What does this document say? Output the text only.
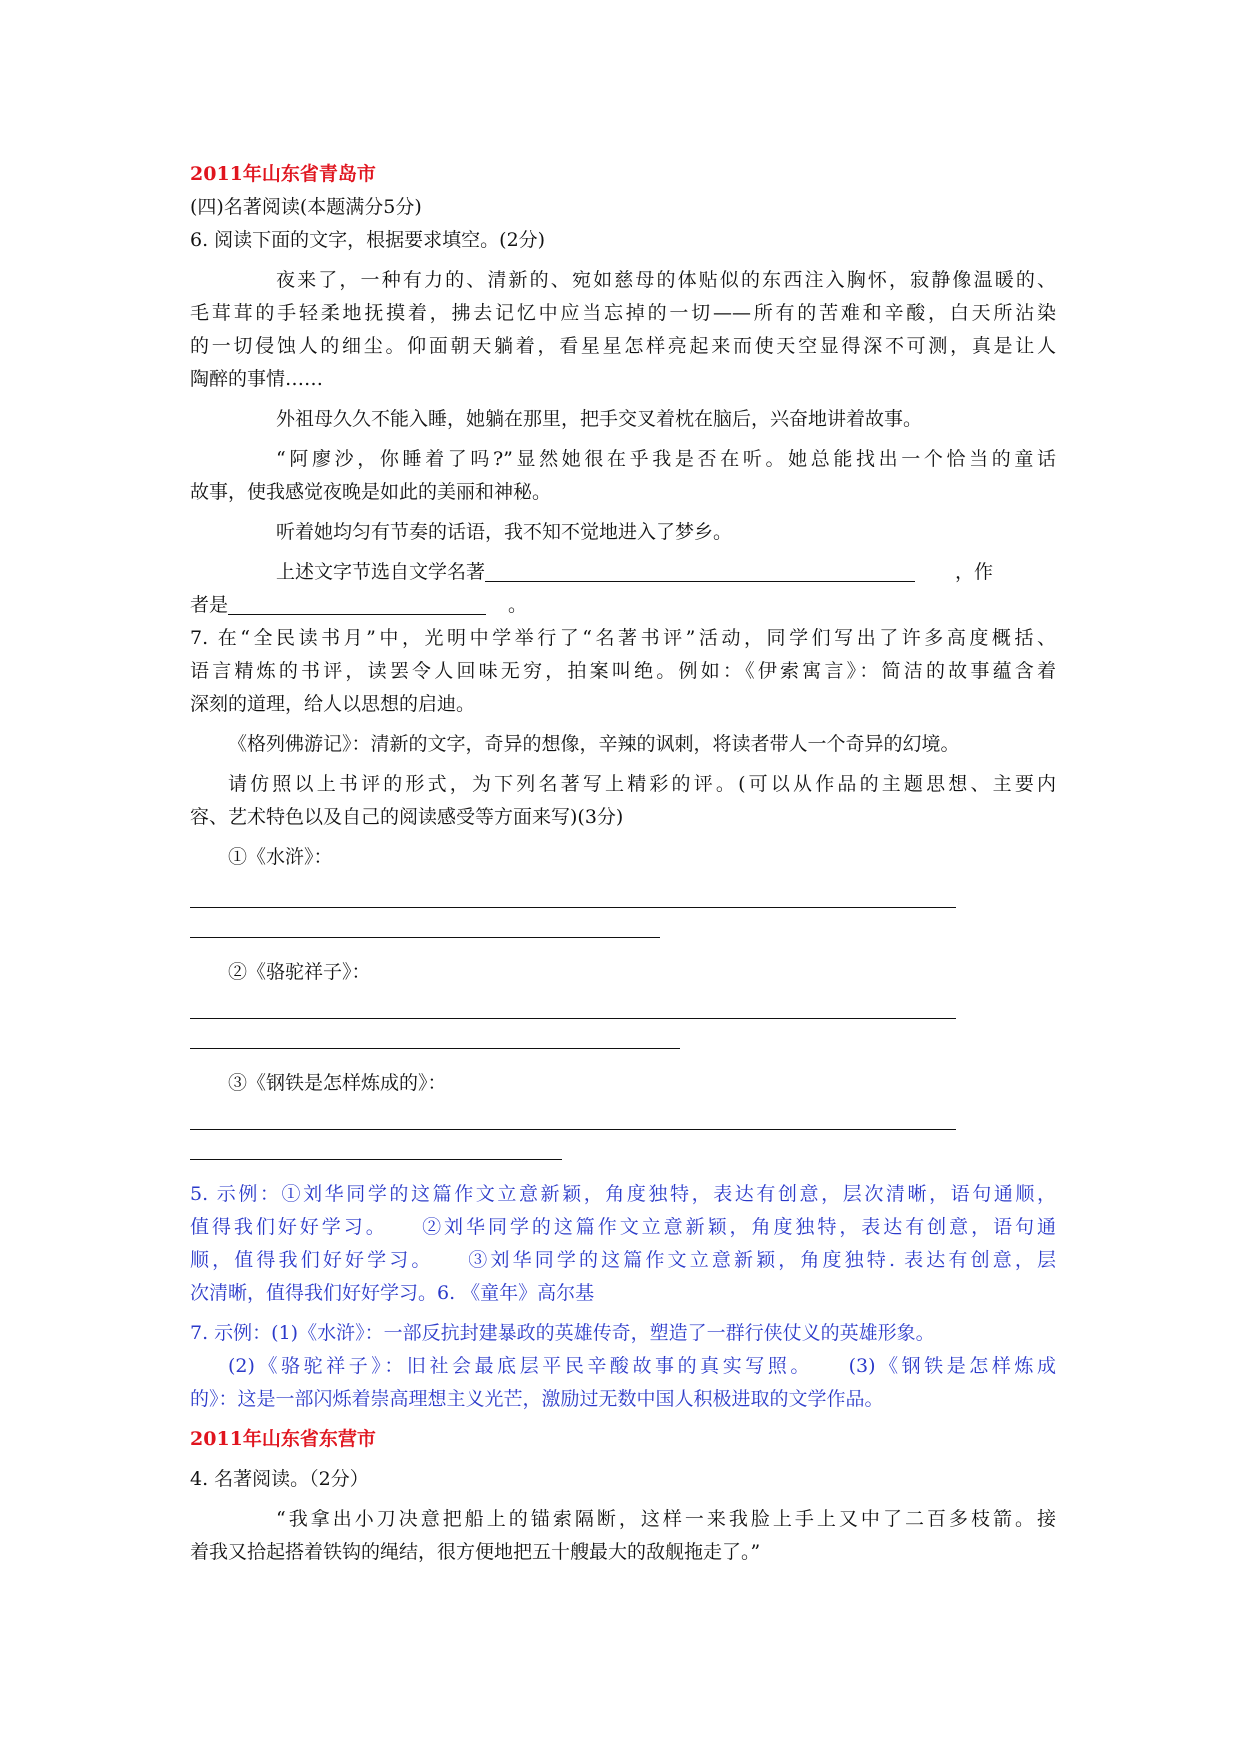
2011年山东省青岛市
(四)名著阅读(本题满分5分)
6. 阅读下面的文字，根据要求填空。(2分)
夜来了，一种有力的、清新的、宛如慈母的体贴似的东西注入胸怀，寂静像温暖的、
毛茸茸的手轻柔地抚摸着，拂去记忆中应当忘掉的一切——所有的苦难和辛酸，白天所沾染
的一切侵蚀人的细尘。仰面朝天躺着，看星星怎样亮起来而使天空显得深不可测，真是让人
陶醉的事情……
外祖母久久不能入睡，她躺在那里，把手交叉着枕在脑后，兴奋地讲着故事。
“阿廖沙，你睡着了吗?”显然她很在乎我是否在听。她总能找出一个恰当的童话
故事，使我感觉夜晚是如此的美丽和神秘。
听着她均匀有节奏的话语，我不知不觉地进入了梦乡。
上述文字节选自文学名著	，作
者是	。
7. 在“全民读书月”中，光明中学举行了“名著书评”活动，同学们写出了许多高度概括、
语言精炼的书评，读罢令人回味无穷，拍案叫绝。例如：《伊索寓言》：简洁的故事蕴含着
深刻的道理，给人以思想的启迪。
《格列佛游记》：清新的文字，奇异的想像，辛辣的讽刺，将读者带人一个奇异的幻境。
请仿照以上书评的形式，为下列名著写上精彩的评。(可以从作品的主题思想、主要内
容、艺术特色以及自己的阅读感受等方面来写)(3分)
①《水浒》：
②《骆驼祥子》：
③《钢铁是怎样炼成的》：
5. 示例：①刘华同学的这篇作文立意新颖，角度独特，表达有创意，层次清晰，语句通顺，
值得我们好好学习。　　②刘华同学的这篇作文立意新颖，角度独特，表达有创意，语句通
顺，值得我们好好学习。　　③刘华同学的这篇作文立意新颖，角度独特. 表达有创意，层
次清晰，值得我们好好学习。6. 《童年》高尔基
7. 示例：(1)《水浒》：一部反抗封建暴政的英雄传奇，塑造了一群行侠仗义的英雄形象。
(2)《骆驼祥子》：旧社会最底层平民辛酸故事的真实写照。　　(3)《钢铁是怎样炼成
的》：这是一部闪烁着崇高理想主义光芒，激励过无数中国人积极进取的文学作品。
2011年山东省东营市
4. 名著阅读。（2分）
“我拿出小刀决意把船上的锚索隔断，这样一来我脸上手上又中了二百多枝箭。接
着我又拾起搭着铁钩的绳结，很方便地把五十艘最大的敌舰拖走了。”
